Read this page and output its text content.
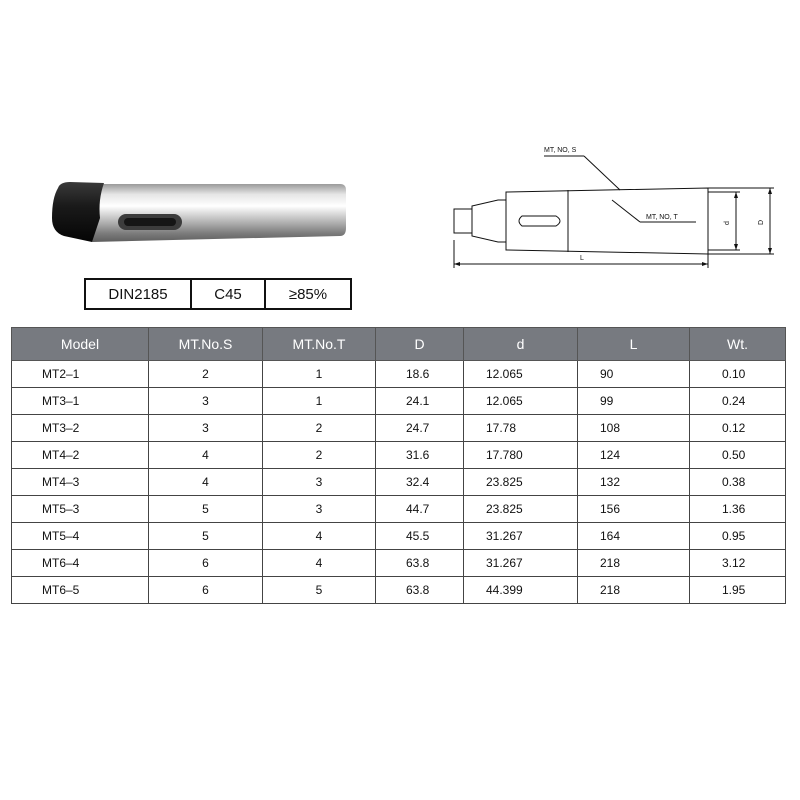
MT, NO, S
MT, NO, T
d	D
L
DIN2185	C45	≥85%
Model	MT.No.S	MT.No.T	D	d	L	Wt.
MT2–1	2	1	18.6	12.065	90	0.10
MT3–1	3	1	24.1	12.065	99	0.24
MT3–2	3	2	24.7	17.78	108	0.12
MT4–2	4	2	31.6	17.780	124	0.50
MT4–3	4	3	32.4	23.825	132	0.38
MT5–3	5	3	44.7	23.825	156	1.36
MT5–4	5	4	45.5	31.267	164	0.95
MT6–4	6	4	63.8	31.267	218	3.12
MT6–5	6	5	63.8	44.399	218	1.95
